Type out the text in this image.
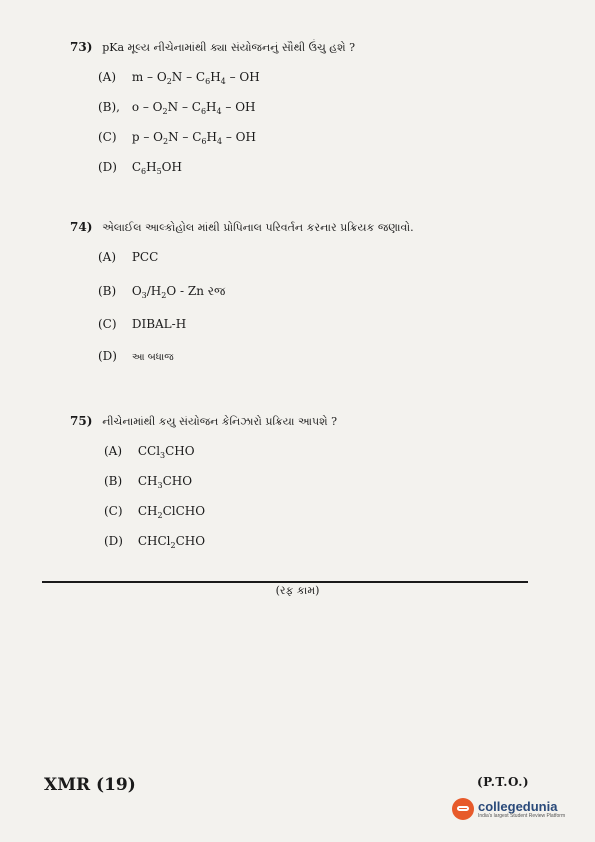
73) pKa મૂલ્ય નીચેનામાંથી ક્યા સંયોજનનું સૌથી ઉંચુ હશે ?
(A) m – $O_2N - C_6H_4$ – OH
(B), o – $O_2N - C_6H_4$ – OH
(C) p – $O_2N - C_6H_4$ – OH
(D) $C_6H_5OH$
74) એલાઈલ આલ્કોહોલ માંથી પ્રોપિનાલ પરિવર્તન કરનાર પ્રક્રિયક જણાવો.
(A) PCC
(B) $O_3/H_2O$ - Zn રજ
(C) DIBAL-H
(D) આ બધાજ
75) નીચેનામાંથી કયુ સંયોજન કેનિઝારો પ્રક્રિયા આપશે ?
(A) CCl$_3$CHO
(B) $CH_3CHO$
(C) $CH_2ClCHO$
(D) CHCl$_2$CHO
(રફ કામ)
XMR (19)	(P.T.O.)
collegedunia
India's largest Student Review Platform
